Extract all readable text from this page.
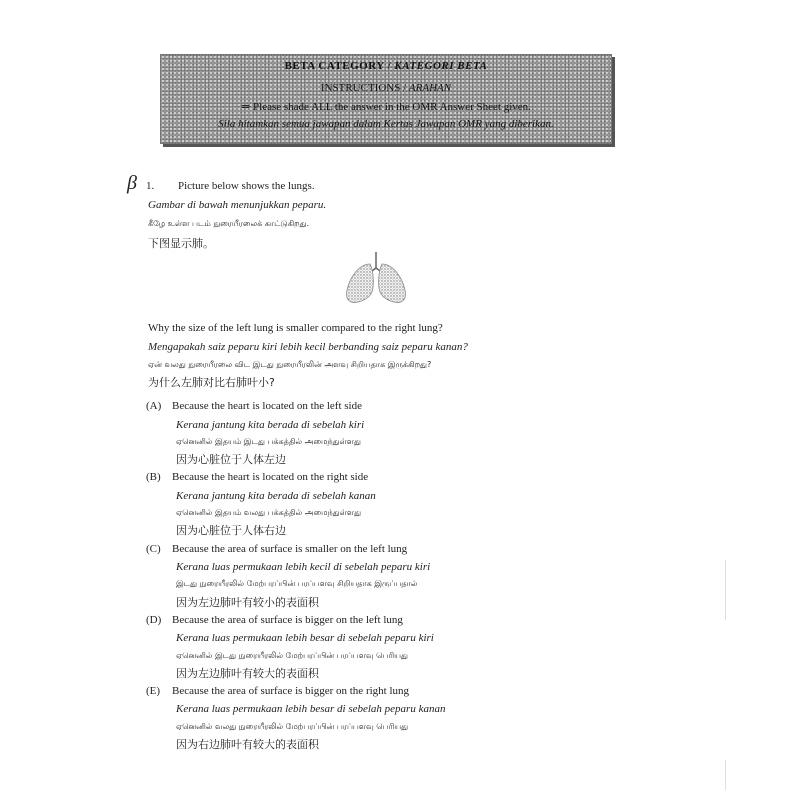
BETA CATEGORY / KATEGORI BETA
INSTRUCTIONS / ARAHAN
⇒ Please shade ALL the answer in the OMR Answer Sheet given.
Sila hitamkan semua jawapan dalam Kertas Jawapan OMR yang diberikan.
β 1. Picture below shows the lungs.
Gambar di bawah menunjukkan peparu.
கீழே உள்ள படம் நுரையீரலைக் காட்டுகிறது.
下图显示肺。
Why the size of the left lung is smaller compared to the right lung?
Mengapakah saiz peparu kiri lebih kecil berbanding saiz peparu kanan?
ஏன் வலது நுரையீரலை விட இடது நுரையீரலின் அளவு சிறியதாக இருக்கிறது?
为什么左肺对比右肺叶小?
(A) Because the heart is located on the left side
Kerana jantung kita berada di sebelah kiri
ஏனெனில் இதயம் இடது பக்கத்தில் அமைந்துள்ளது
因为心脏位于人体左边
(B) Because the heart is located on the right side
Kerana jantung kita berada di sebelah kanan
ஏனெனில் இதயம் வலது பக்கத்தில் அமைந்துள்ளது
因为心脏位于人体右边
(C) Because the area of surface is smaller on the left lung
Kerana luas permukaan lebih kecil di sebelah peparu kiri
இடது நுரையீரலில் மேற்பரப்பின் பரப்பளவு சிறியதாக இருப்பதால்
因为左边肺叶有较小的表面积
(D) Because the area of surface is bigger on the left lung
Kerana luas permukaan lebih besar di sebelah peparu kiri
ஏனெனில் இடது நுரையீரலில் மேற்பரப்பின் பரப்பளவு பெரியது
因为左边肺叶有较大的表面积
(E) Because the area of surface is bigger on the right lung
Kerana luas permukaan lebih besar di sebelah peparu kanan
ஏனெனில் வலது நுரையீரலில் மேற்பரப்பின் பரப்பளவு பெரியது
因为右边肺叶有较大的表面积
